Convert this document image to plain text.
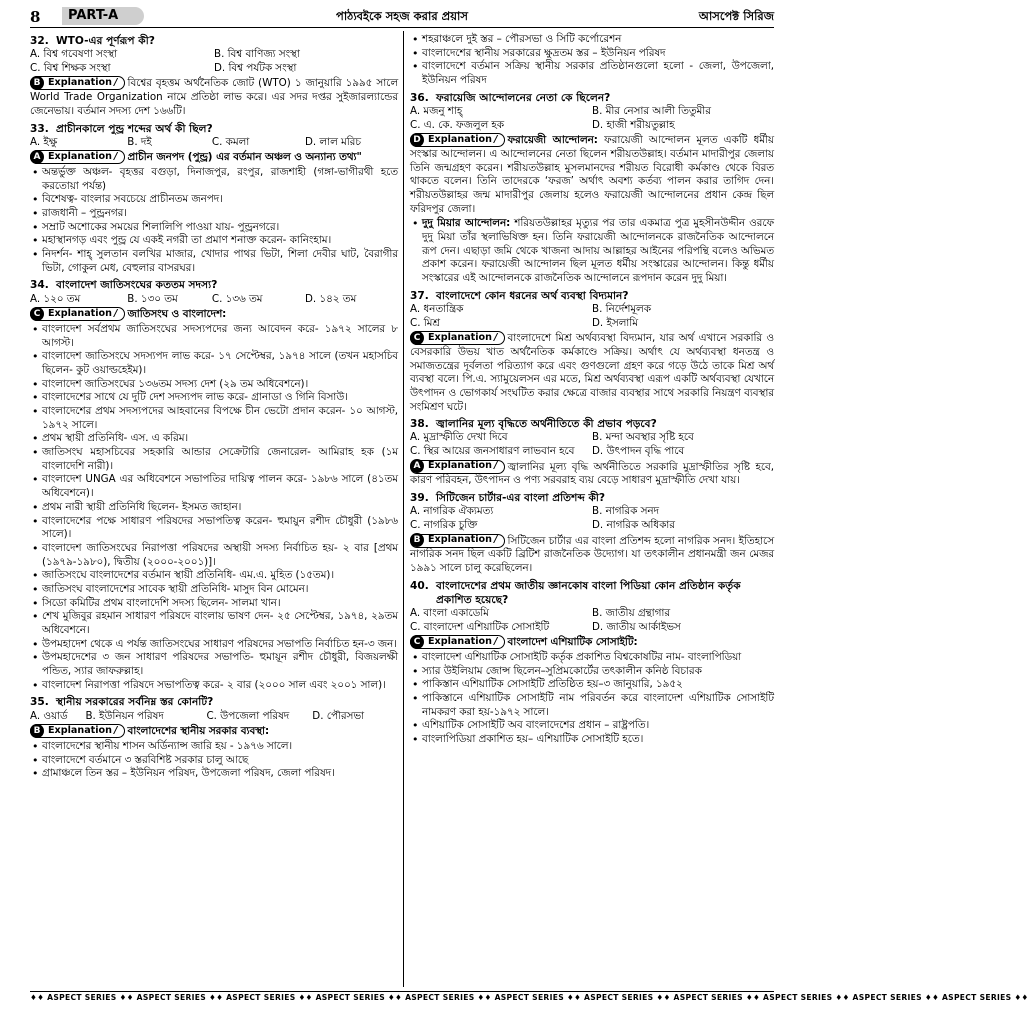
8	PART-A	পাঠ্যবইকে সহজ করার প্রয়াস	আসপেক্ট সিরিজ
32. WTO-এর পূর্ণরূপ কী?
A. বিশ্ব গবেষণা সংস্থা	B. বিশ্ব বাণিজ্য সংস্থা
C. বিশ্ব শিক্ষক সংস্থা	D. বিশ্ব পর্যটক সংস্থা
B Explanation / বিশ্বের বৃহত্তম অর্থনৈতিক জোট (WTO) ১ জানুয়ারি ১৯৯৫ সালে World Trade Organization নামে প্রতিষ্ঠা লাভ করে। এর সদর দপ্তর সুইজারল্যান্ডের জেনেভায়। বর্তমান সদস্য দেশ ১৬৬টি।
33. প্রাচীনকালে পুন্ড্র শব্দের অর্থ কী ছিল?
A. ইক্ষু	B. দই	C. কমলা	D. লাল মরিচ
A Explanation / প্রাচীন জনপদ (পুন্ড্র) এর বর্তমান অঞ্চল ও অন্যান্য তথ্য"
• অন্তর্ভুক্ত অঞ্চল- বৃহত্তর বগুড়া, দিনাজপুর, রংপুর, রাজশাহী (গঙ্গা-ভাগীরথী হতে করতোয়া পর্যন্ত)
• বিশেষত্ব- বাংলার সবচেয়ে প্রাচীনতম জনপদ।
• রাজধানী – পুন্ড্রনগর।
• সম্রাট অশোকের সময়ের শিলালিপি পাওয়া যায়- পুন্ড্রনগরে।
• মহাস্থানগড় এবং পুন্ড্র যে একই নগরী তা প্রমাণ শনাক্ত করেন- কানিংহাম।
• নিদর্শন- শাহ্ সুলতান বলখির মাজার, খোদার পাথর ভিটা, শিলা দেবীর ঘাট, বৈরাগীর ভিটা, গোকুল মেধ, বেহুলার বাসরঘর।
34. বাংলাদেশ জাতিসংঘের কততম সদস্য?
A. ১২০ তম	B. ১৩০ তম	C. ১৩৬ তম	D. ১৪২ তম
C Explanation / জাতিসংঘ ও বাংলাদেশ:
• বাংলাদেশ সর্বপ্রথম জাতিসংঘের সদস্যপদের জন্য আবেদন করে- ১৯৭২ সালের ৮ আগস্ট।
• বাংলাদেশ জাতিসংঘে সদস্যপদ লাভ করে- ১৭ সেপ্টেম্বর, ১৯৭৪ সালে (তখন মহাসচিব ছিলেন- কুট ওয়াল্ডহেইম)।
• বাংলাদেশ জাতিসংঘের ১৩৬তম সদস্য দেশ (২৯ তম অধিবেশনে)।
• বাংলাদেশের সাথে যে দুটি দেশ সদস্যপদ লাভ করে- গ্রানাডা ও গিনি বিসাউ।
• বাংলাদেশের প্রথম সদস্যপদের আহবানের বিপক্ষে চীন ভেটো প্রদান করেন- ১০ আগস্ট, ১৯৭২ সালে।
• প্রথম স্থায়ী প্রতিনিধি- এস. এ করিম।
• জাতিসংঘ মহাসচিবের সহকারি আন্ডার সেক্রেটারি জেনারেল- আমিরাহ হক (১ম বাংলাদেশি নারী)।
• বাংলাদেশ UNGA এর অধিবেশনে সভাপতির দায়িত্ব পালন করে- ১৯৮৬ সালে (৪১তম অধিবেশনে)।
• প্রথম নারী স্থায়ী প্রতিনিধি ছিলেন- ইসমত জাহান।
• বাংলাদেশের পক্ষে সাধারণ পরিষদের সভাপতিত্ব করেন- হুমায়ুন রশীদ চৌধুরী (১৯৮৬ সালে)।
• বাংলাদেশ জাতিসংঘের নিরাপত্তা পরিষদের অস্থায়ী সদস্য নির্বাচিত হয়- ২ বার [প্রথম (১৯৭৯-১৯৮০), দ্বিতীয় (২০০০-২০০১)]।
• জাতিসংঘে বাংলাদেশের বর্তমান স্থায়ী প্রতিনিধি- এম.এ. মুহিত (১৫তম)।
• জাতিসংঘ বাংলাদেশের সাবেক স্থায়ী প্রতিনিধি- মাসুদ বিন মোমেন।
• সিডো কমিটির প্রথম বাংলাদেশি সদস্য ছিলেন- সালমা খান।
• শেখ মুজিবুর রহমান সাধারণ পরিষদে বাংলায় ভাষণ দেন- ২৫ সেপ্টেম্বর, ১৯৭৪, ২৯তম অধিবেশনে।
• উপমহাদেশ থেকে এ পর্যন্ত জাতিসংঘের সাধারণ পরিষদের সভাপতি নির্বাচিত হন-৩ জন।
• উপমহাদেশের ৩ জন সাধারণ পরিষদের সভাপতি- হুমায়ূন রশীদ চৌধুরী, বিজয়লক্ষী পন্ডিত, স্যার জাফরুল্লাহ।
• বাংলাদেশ নিরাপত্তা পরিষদে সভাপতিত্ব করে- ২ বার (২০০০ সাল এবং ২০০১ সাল)।
35. স্থানীয় সরকারের সর্বনিম্ন স্তর কোনটি?
A. ওয়ার্ড	B. ইউনিয়ন পরিষদ	C. উপজেলা পরিষদ	D. পৌরসভা
B Explanation / বাংলাদেশের স্থানীয় সরকার ব্যবস্থা:
• বাংলাদেশের স্থানীয় শাসন অর্ডিন্যান্স জারি হয় - ১৯৭৬ সালে।
• বাংলাদেশে বর্তমানে ৩ স্তরবিশিষ্ট সরকার চালু আছে
• গ্রামাঞ্চলে তিন স্তর – ইউনিয়ন পরিষদ, উপজেলা পরিষদ, জেলা পরিষদ।
• শহরাঞ্চলে দুই স্তর – পৌরসভা ও সিটি কর্পোরেশন
• বাংলাদেশের স্থানীয় সরকারের ক্ষুদ্রতম স্তর – ইউনিয়ন পরিষদ
• বাংলাদেশে বর্তমান সক্রিয় স্থানীয় সরকার প্রতিষ্ঠানগুলো হলো - জেলা, উপজেলা, ইউনিয়ন পরিষদ
36. ফরায়েজি আন্দোলনের নেতা কে ছিলেন?
A. মজনু শাহ্	B. মীর নেসার আলী তিতুমীর
C. এ. কে. ফজলুল হক	D. হাজী শরীয়তুল্লাহ
D Explanation / ফরায়েজী আন্দোলন: ফরায়েজী আন্দোলন মূলত একটি ধর্মীয় সংস্কার আন্দোলন। এ আন্দোলনের নেতা ছিলেন শরীয়তউল্লাহ। বর্তমান মাদারীপুর জেলায় তিনি জন্মগ্রহণ করেন। শরীয়তউল্লাহ মুসলমানদের শরীয়ত বিরোধী কর্মকাণ্ড থেকে বিরত থাকতে বলেন। তিনি তাদেরকে ‘ফরজ’ অর্থাৎ অবশ্য কর্তব্য পালন করার তাগিদ দেন। শরীয়তউল্লাহর জন্ম মাদারীপুর জেলায় হলেও ফরায়েজী আন্দোলনের প্রধান কেন্দ্র ছিল ফরিদপুর জেলা।
• দুদু মিয়ার আন্দোলন: শরিয়তউল্লাহর মৃত্যুর পর তার একমাত্র পুত্র মুহসীনউদ্দীন ওরফে দুদু মিয়া তাঁর স্থলাভিষিক্ত হন। তিনি ফরায়েজী আন্দোলনকে রাজনৈতিক আন্দোলনে রূপ দেন। এছাড়া জমি থেকে খাজনা আদায় আল্লাহর আইনের পরিপন্থি বলেও অভিমত প্রকাশ করেন। ফরায়েজী আন্দোলন ছিল মূলত ধর্মীয় সংস্কারের আন্দোলন। কিন্তু ধর্মীয় সংস্কারের এই আন্দোলনকে রাজনৈতিক আন্দোলনে রূপদান করেন দুদু মিয়া।
37. বাংলাদেশে কোন ধরনের অর্থ ব্যবস্থা বিদ্যমান?
A. ধনতান্ত্রিক	B. নির্দেশমূলক
C. মিশ্র	D. ইসলামি
C Explanation / বাংলাদেশে মিশ্র অর্থব্যবস্থা বিদ্যমান, যার অর্থ এখানে সরকারি ও বেসরকারি উভয় খাত অর্থনৈতিক কর্মকাণ্ডে সক্রিয়। অর্থাৎ যে অর্থব্যবস্থা ধনতন্ত্র ও সমাজতন্ত্রের দূর্বলতা পরিত্যাগ করে এবং গুণগুলো গ্রহণ করে গড়ে উঠে তাকে মিশ্র অর্থ ব্যবস্থা বলে। পি.এ. স্যামুয়েলসন এর মতে, মিশ্র অর্থব্যবস্থা এরূপ একটি অর্থব্যবস্থা যেখানে উৎপাদন ও ভোগকার্য সংঘটিত করার ক্ষেত্রে বাজার ব্যবস্থার সাথে সরকারি নিয়ন্ত্রণ ব্যবস্থার সংমিশ্রণ ঘটে।
38. জ্বালানির মূল্য বৃদ্ধিতে অর্থনীতিতে কী প্রভাব পড়বে?
A. মুদ্রাস্ফীতি দেখা দিবে	B. মন্দা অবস্থার সৃষ্টি হবে
C. স্থির আয়ের জনসাধারণ লাভবান হবে	D. উৎপাদন বৃদ্ধি পাবে
A Explanation / জ্বালানির মূল্য বৃদ্ধি অর্থনীতিতে সরকারি মুদ্রাস্ফীতির সৃষ্টি হবে, কারণ পরিবহন, উৎপাদন ও পণ্য সরবরাহ ব্যয় বেড়ে সাধারণ মুদ্রাস্ফীতি দেখা যায়।
39. সিটিজেন চার্টার-এর বাংলা প্রতিশব্দ কী?
A. নাগরিক ঐক্যমত্য	B. নাগরিক সনদ
C. নাগরিক চুক্তি	D. নাগরিক অধিকার
B Explanation / সিটিজেন চার্টার এর বাংলা প্রতিশব্দ হলো নাগরিক সনদ। ইতিহাসে নাগরিক সনদ ছিল একটি ব্রিটিশ রাজনৈতিক উদ্যোগ। যা তৎকালীন প্রধানমন্ত্রী জন মেজর ১৯৯১ সালে চালু করেছিলেন।
40. বাংলাদেশের প্রথম জাতীয় জ্ঞানকোষ বাংলা পিডিয়া কোন প্রতিষ্ঠান কর্তৃক প্রকাশিত হয়েছে?
A. বাংলা একাডেমি	B. জাতীয় গ্রন্থাগার
C. বাংলাদেশ এশিয়াটিক সোসাইটি	D. জাতীয় আর্কাইভস
C Explanation / বাংলাদেশ এশিয়াটিক সোসাইটি:
• বাংলাদেশ এশিয়াটিক সোসাইটি কর্তৃক প্রকাশিত বিশ্বকোষটির নাম- বাংলাপিডিয়া
• স্যার উইলিয়াম জোন্স ছিলেন–সুপ্রিমকোর্টের তৎকালীন কনিষ্ঠ বিচারক
• পাকিস্তান এশিয়াটিক সোসাইটি প্রতিষ্ঠিত হয়–৩ জানুয়ারি, ১৯৫২
• পাকিস্তানে এশিয়াটিক সোসাইটি নাম পরিবর্তন করে বাংলাদেশ এশিয়াটিক সোসাইটি নামকরণ করা হয়-১৯৭২ সালে।
• এশিয়াটিক সোসাইটি অব বাংলাদেশের প্রধান – রাষ্ট্রপতি।
• বাংলাপিডিয়া প্রকাশিত হয়– এশিয়াটিক সোসাইটি হতে।
♦♦ ASPECT SERIES ♦♦ ASPECT SERIES ♦♦ ASPECT SERIES ♦♦ ASPECT SERIES ♦♦ ASPECT SERIES ♦♦ ASPECT SERIES ♦♦ ASPECT SERIES ♦♦ ASPECT SERIES ♦♦ ASPECT SERIES ♦♦ ASPECT SERIES ♦♦ ASPECT SERIES ♦♦
